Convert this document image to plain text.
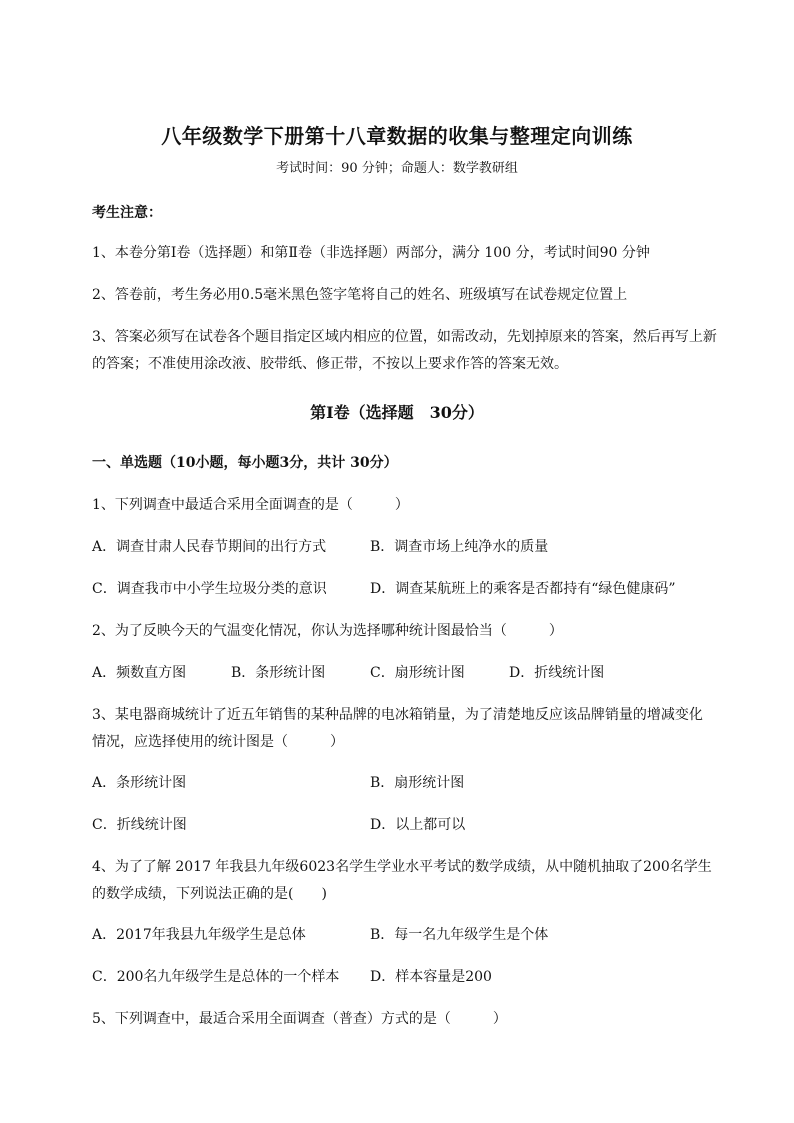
八年级数学下册第十八章数据的收集与整理定向训练
考试时间：90 分钟；命题人：数学教研组
考生注意：
1、本卷分第Ⅰ卷（选择题）和第Ⅱ卷（非选择题）两部分，满分 100 分，考试时间90 分钟
2、答卷前，考生务必用0.5毫米黑色签字笔将自己的姓名、班级填写在试卷规定位置上
3、答案必须写在试卷各个题目指定区域内相应的位置，如需改动，先划掉原来的答案，然后再写上新
的答案；不准使用涂改液、胶带纸、修正带，不按以上要求作答的答案无效。
第Ⅰ卷（选择题　30分）
一、单选题（10小题，每小题3分，共计 30分）
1、下列调查中最适合采用全面调查的是（　　　）
A．调查甘肃人民春节期间的出行方式	B．调查市场上纯净水的质量
C．调查我市中小学生垃圾分类的意识	D．调查某航班上的乘客是否都持有“绿色健康码”
2、为了反映今天的气温变化情况，你认为选择哪种统计图最恰当（　　　）
A．频数直方图	B．条形统计图	C．扇形统计图	D．折线统计图
3、某电器商城统计了近五年销售的某种品牌的电冰箱销量，为了清楚地反应该品牌销量的增减变化
情况，应选择使用的统计图是（　　　）
A．条形统计图	B．扇形统计图
C．折线统计图	D．以上都可以
4、为了了解 2017 年我县九年级6023名学生学业水平考试的数学成绩，从中随机抽取了200名学生
的数学成绩，下列说法正确的是(　　)
A．2017年我县九年级学生是总体	B．每一名九年级学生是个体
C．200名九年级学生是总体的一个样本 D．样本容量是200
5、下列调查中，最适合采用全面调查（普查）方式的是（　　　）
